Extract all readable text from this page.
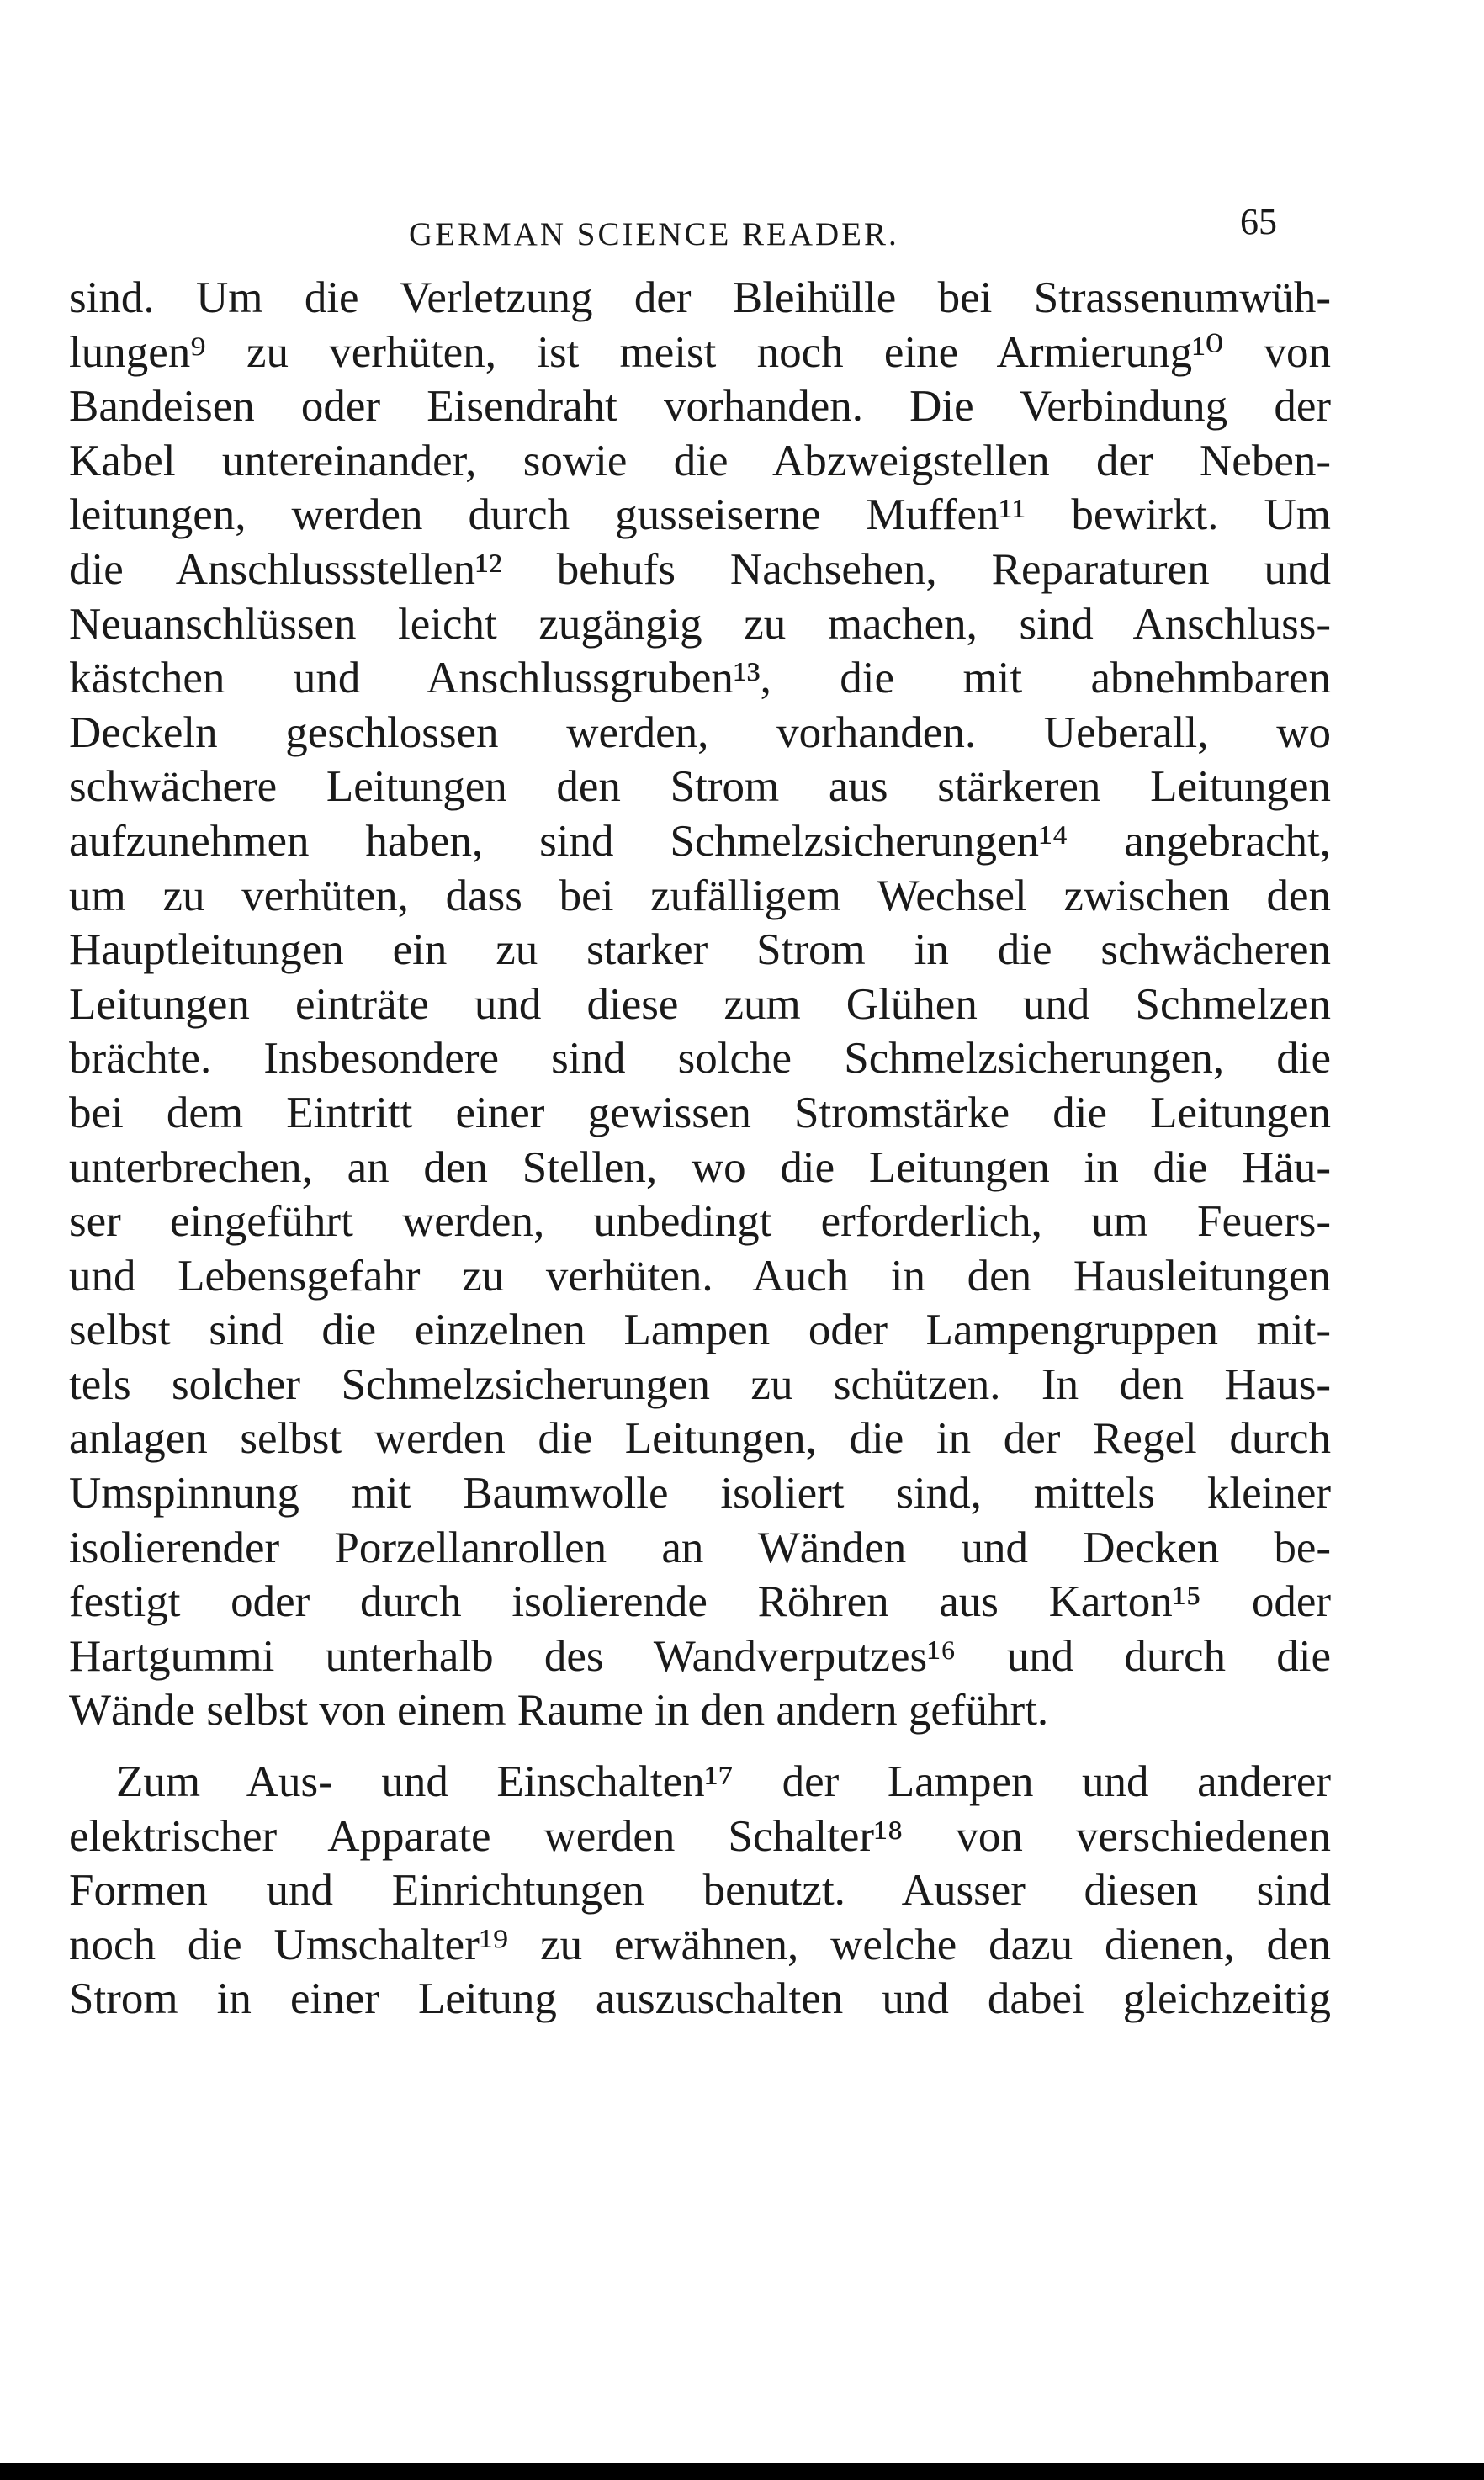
GERMAN SCIENCE READER.	65
sind. Um die Verletzung der Bleihülle bei Strassenumwüh-
lungen⁹ zu verhüten, ist meist noch eine Armierung¹⁰ von
Bandeisen oder Eisendraht vorhanden. Die Verbindung der
Kabel untereinander, sowie die Abzweigstellen der Neben-
leitungen, werden durch gusseiserne Muffen¹¹ bewirkt. Um
die Anschlussstellen¹² behufs Nachsehen, Reparaturen und
Neuanschlüssen leicht zugängig zu machen, sind Anschluss-
kästchen und Anschlussgruben¹³, die mit abnehmbaren
Deckeln geschlossen werden, vorhanden. Ueberall, wo
schwächere Leitungen den Strom aus stärkeren Leitungen
aufzunehmen haben, sind Schmelzsicherungen¹⁴ angebracht,
um zu verhüten, dass bei zufälligem Wechsel zwischen den
Hauptleitungen ein zu starker Strom in die schwächeren
Leitungen einträte und diese zum Glühen und Schmelzen
brächte. Insbesondere sind solche Schmelzsicherungen, die
bei dem Eintritt einer gewissen Stromstärke die Leitungen
unterbrechen, an den Stellen, wo die Leitungen in die Häu-
ser eingeführt werden, unbedingt erforderlich, um Feuers-
und Lebensgefahr zu verhüten. Auch in den Hausleitungen
selbst sind die einzelnen Lampen oder Lampengruppen mit-
tels solcher Schmelzsicherungen zu schützen. In den Haus-
anlagen selbst werden die Leitungen, die in der Regel durch
Umspinnung mit Baumwolle isoliert sind, mittels kleiner
isolierender Porzellanrollen an Wänden und Decken be-
festigt oder durch isolierende Röhren aus Karton¹⁵ oder
Hartgummi unterhalb des Wandverputzes¹⁶ und durch die
Wände selbst von einem Raume in den andern geführt.
Zum Aus- und Einschalten¹⁷ der Lampen und anderer
elektrischer Apparate werden Schalter¹⁸ von verschiedenen
Formen und Einrichtungen benutzt. Ausser diesen sind
noch die Umschalter¹⁹ zu erwähnen, welche dazu dienen, den
Strom in einer Leitung auszuschalten und dabei gleichzeitig
